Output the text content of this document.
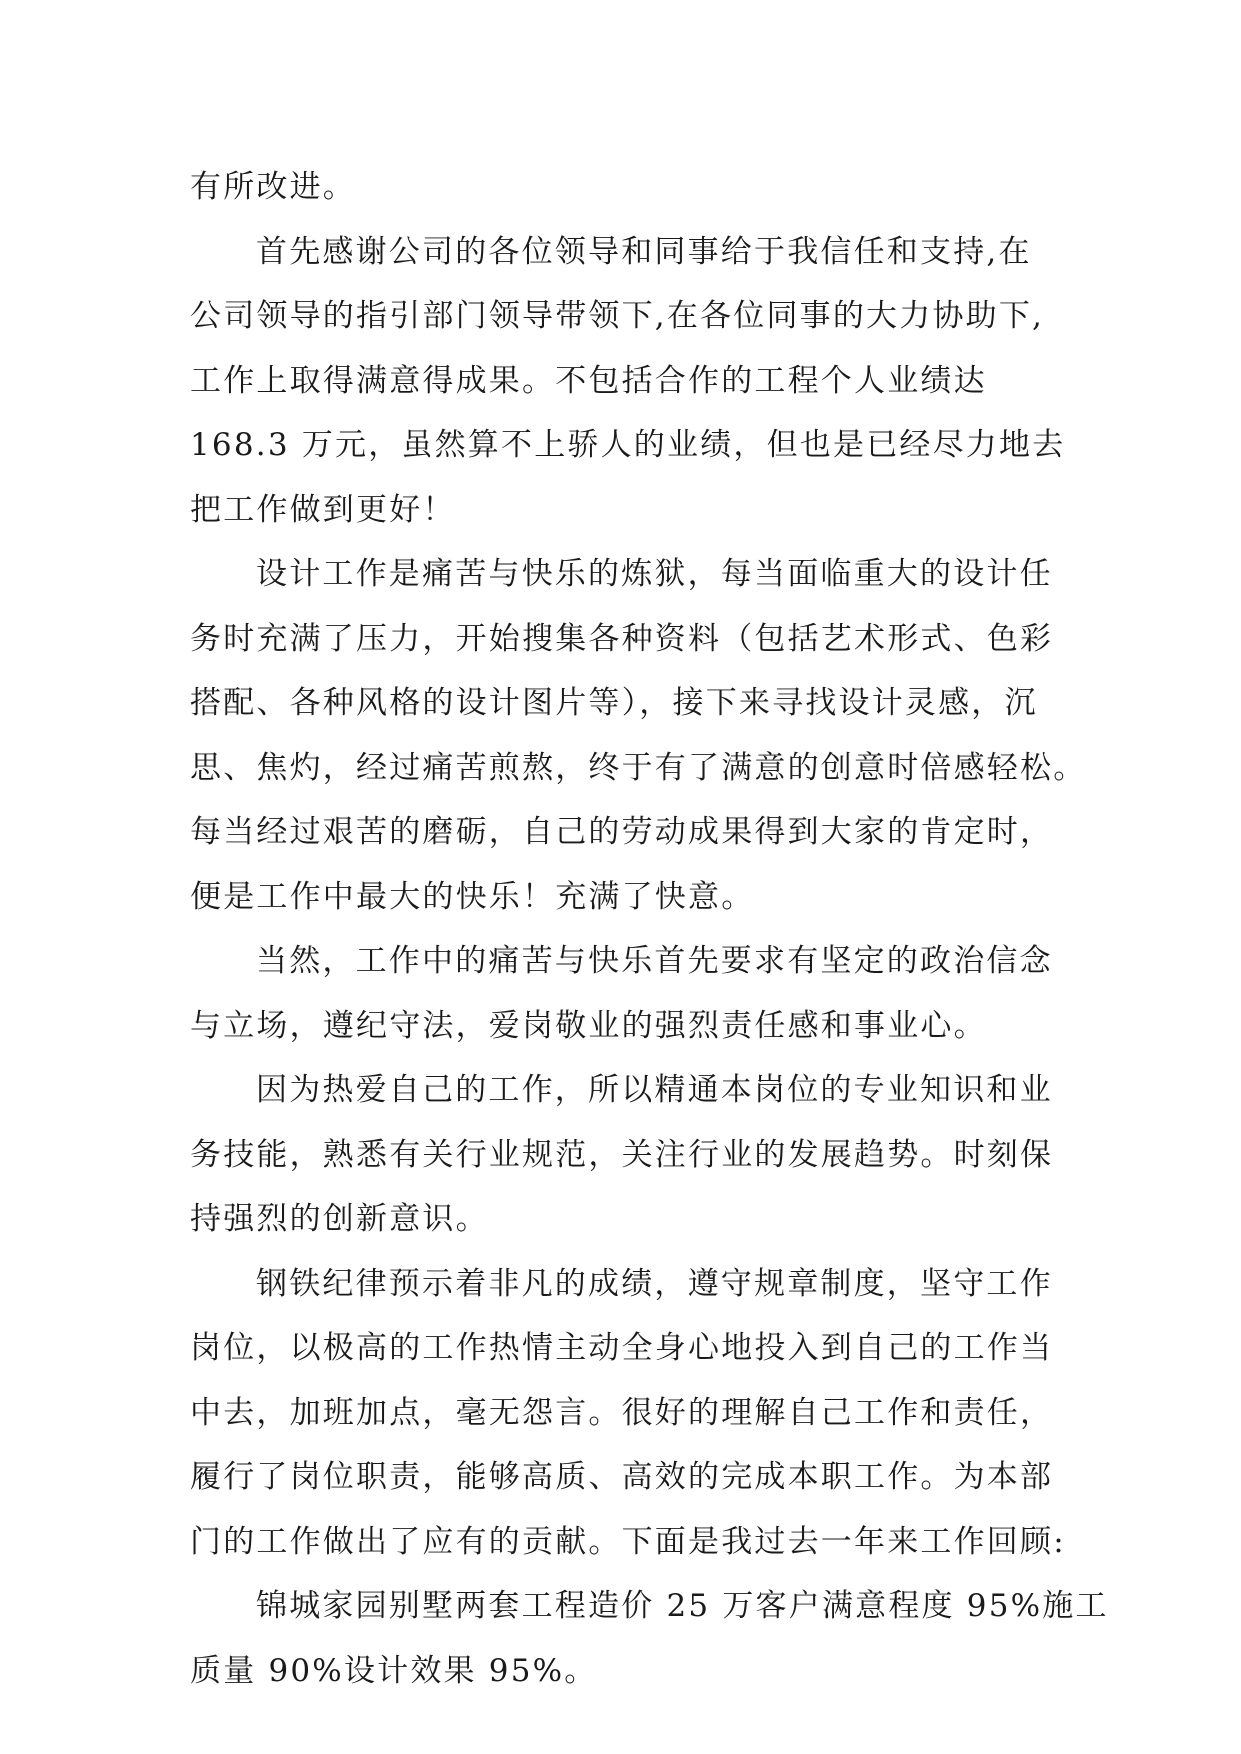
有所改进。
首先感谢公司的各位领导和同事给于我信任和支持,在
公司领导的指引部门领导带领下,在各位同事的大力协助下,
工作上取得满意得成果。不包括合作的工程个人业绩达
168.3 万元，虽然算不上骄人的业绩，但也是已经尽力地去
把工作做到更好！
设计工作是痛苦与快乐的炼狱，每当面临重大的设计任
务时充满了压力，开始搜集各种资料（包括艺术形式、色彩
搭配、各种风格的设计图片等），接下来寻找设计灵感，沉
思、焦灼，经过痛苦煎熬，终于有了满意的创意时倍感轻松。
每当经过艰苦的磨砺，自己的劳动成果得到大家的肯定时，
便是工作中最大的快乐！充满了快意。
当然，工作中的痛苦与快乐首先要求有坚定的政治信念
与立场，遵纪守法，爱岗敬业的强烈责任感和事业心。
因为热爱自己的工作，所以精通本岗位的专业知识和业
务技能，熟悉有关行业规范，关注行业的发展趋势。时刻保
持强烈的创新意识。
钢铁纪律预示着非凡的成绩，遵守规章制度，坚守工作
岗位，以极高的工作热情主动全身心地投入到自己的工作当
中去，加班加点，毫无怨言。很好的理解自己工作和责任，
履行了岗位职责，能够高质、高效的完成本职工作。为本部
门的工作做出了应有的贡献。下面是我过去一年来工作回顾:
锦城家园别墅两套工程造价 25 万客户满意程度 95%施工
质量 90%设计效果 95%。
